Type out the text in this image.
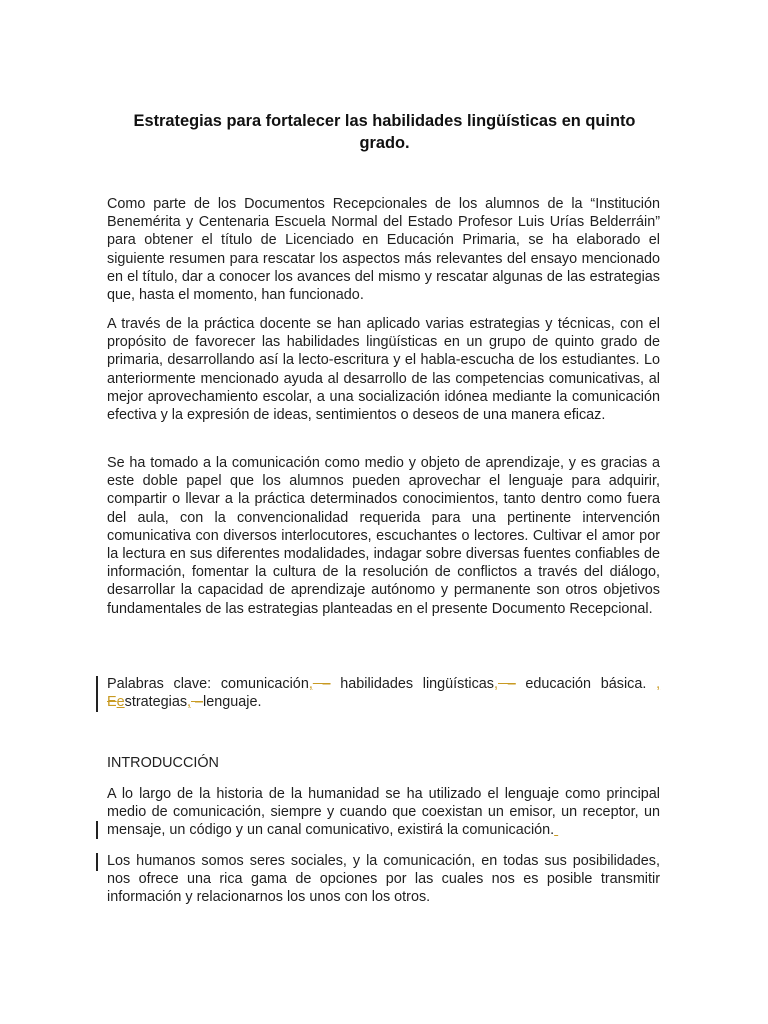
Estrategias para fortalecer las habilidades lingüísticas en quinto grado.

Como parte de los Documentos Recepcionales de los alumnos de la “Institución Benemérita y Centenaria Escuela Normal del Estado Profesor Luis Urías Belderráin” para obtener el título de Licenciado en Educación Primaria, se ha elaborado el siguiente resumen para rescatar los aspectos más relevantes del ensayo mencionado en el título, dar a conocer los avances del mismo y rescatar algunas de las estrategias que, hasta el momento, han funcionado.

A través de la práctica docente se han aplicado varias estrategias y técnicas, con el propósito de favorecer las habilidades lingüísticas en un grupo de quinto grado de primaria, desarrollando así la lecto-escritura y el habla-escucha de los estudiantes. Lo anteriormente mencionado ayuda al desarrollo de las competencias comunicativas, al mejor aprovechamiento escolar, a una socialización idónea mediante la comunicación efectiva y la expresión de ideas, sentimientos o deseos de una manera eficaz.

Se ha tomado a la comunicación como medio y objeto de aprendizaje, y es gracias a este doble papel que los alumnos pueden aprovechar el lenguaje para adquirir, compartir o llevar a la práctica determinados conocimientos, tanto dentro como fuera del aula, con la convencionalidad requerida para una pertinente intervención comunicativa con diversos interlocutores, escuchantes o lectores. Cultivar el amor por la lectura en sus diferentes modalidades, indagar sobre diversas fuentes confiables de información, fomentar la cultura de la resolución de conflictos a través del diálogo, desarrollar la capacidad de aprendizaje autónomo y permanente son otros objetivos fundamentales de las estrategias planteadas en el presente Documento Recepcional.

Palabras clave: comunicación, – habilidades lingüísticas, – educación básica. , Eestrategias, –lenguaje.

INTRODUCCIÓN

A lo largo de la historia de la humanidad se ha utilizado el lenguaje como principal medio de comunicación, siempre y cuando que coexistan un emisor, un receptor, un mensaje, un código y un canal comunicativo, existirá la comunicación.

Los humanos somos seres sociales, y la comunicación, en todas sus posibilidades, nos ofrece una rica gama de opciones por las cuales nos es posible transmitir información y relacionarnos los unos con los otros.
